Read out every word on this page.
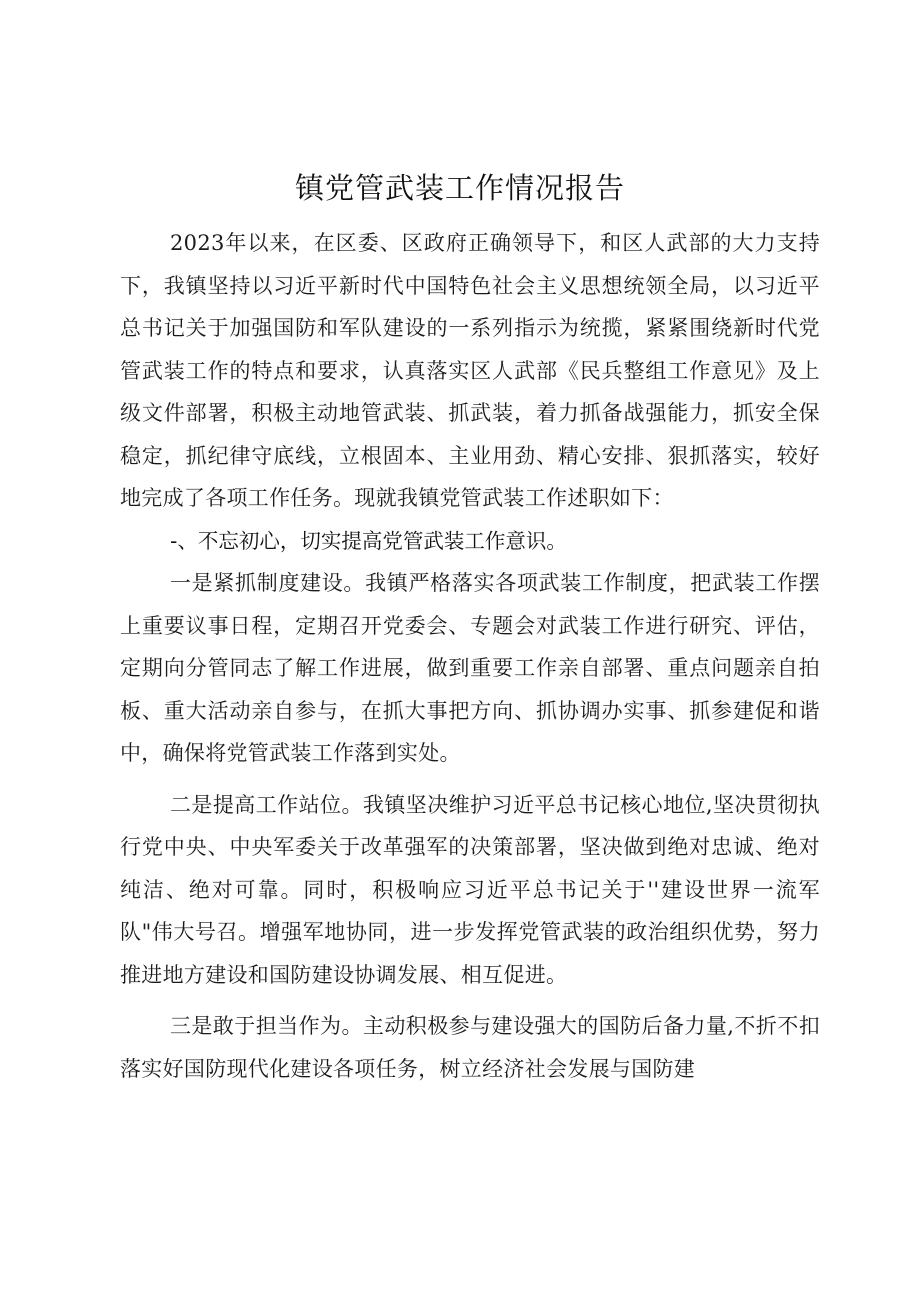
镇党管武装工作情况报告

2023年以来，在区委、区政府正确领导下，和区人武部的大力支持下，我镇坚持以习近平新时代中国特色社会主义思想统领全局，以习近平总书记关于加强国防和军队建设的一系列指示为统揽，紧紧围绕新时代党管武装工作的特点和要求，认真落实区人武部《民兵整组工作意见》及上级文件部署，积极主动地管武装、抓武装，着力抓备战强能力，抓安全保稳定，抓纪律守底线，立根固本、主业用劲、精心安排、狠抓落实，较好地完成了各项工作任务。现就我镇党管武装工作述职如下：

-、不忘初心，切实提高党管武装工作意识。

一是紧抓制度建设。我镇严格落实各项武装工作制度，把武装工作摆上重要议事日程，定期召开党委会、专题会对武装工作进行研究、评估，定期向分管同志了解工作进展，做到重要工作亲自部署、重点问题亲自拍板、重大活动亲自参与，在抓大事把方向、抓协调办实事、抓参建促和谐中，确保将党管武装工作落到实处。

二是提高工作站位。我镇坚决维护习近平总书记核心地位,坚决贯彻执行党中央、中央军委关于改革强军的决策部署，坚决做到绝对忠诚、绝对纯洁、绝对可靠。同时，积极响应习近平总书记关于''建设世界一流军队"伟大号召。增强军地协同，进一步发挥党管武装的政治组织优势，努力推进地方建设和国防建设协调发展、相互促进。

三是敢于担当作为。主动积极参与建设强大的国防后备力量,不折不扣落实好国防现代化建设各项任务，树立经济社会发展与国防建
